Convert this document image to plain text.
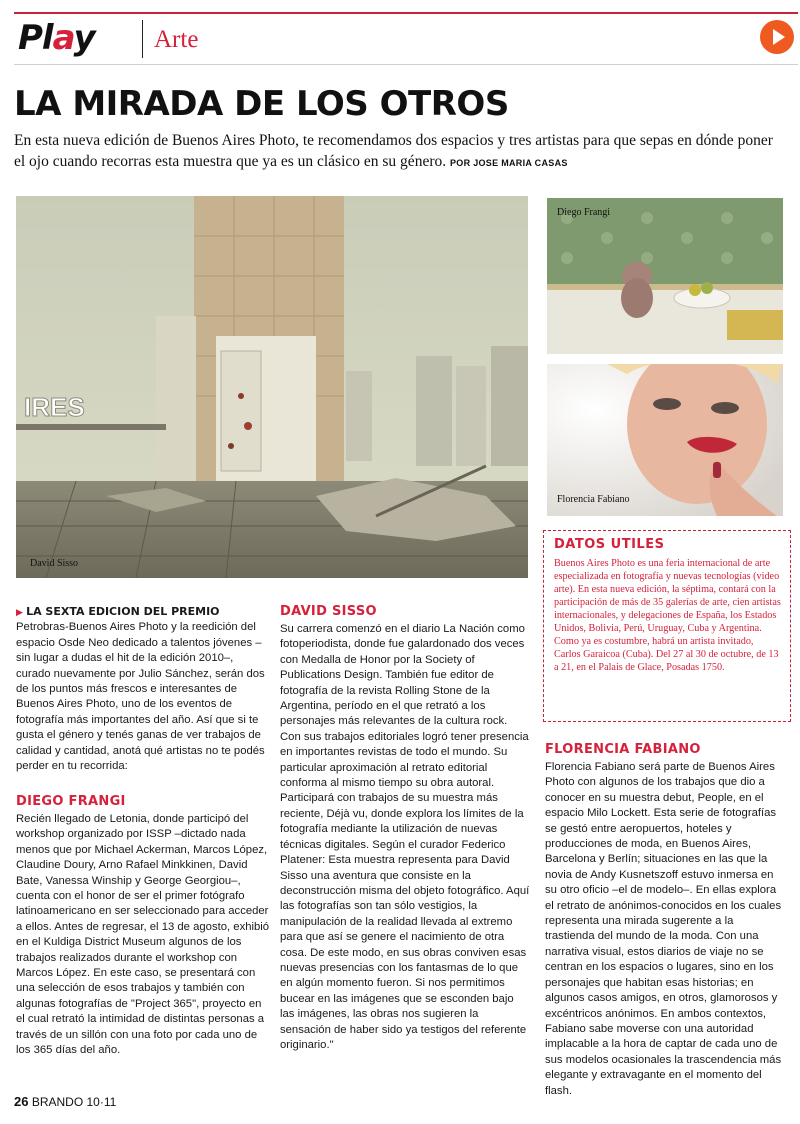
Play Arte
LA MIRADA DE LOS OTROS
En esta nueva edición de Buenos Aires Photo, te recomendamos dos espacios y tres artistas para que sepas en dónde poner el ojo cuando recorras esta muestra que ya es un clásico en su género. POR JOSE MARIA CASAS
IRES
David Sisso
Diego Frangi
Florencia Fabiano
DATOS UTILES
Buenos Aires Photo es una feria internacional de arte especializada en fotografía y nuevas tecnologías (video arte). En esta nueva edición, la séptima, contará con la participación de más de 35 galerías de arte, cien artistas internacionales, y delegaciones de España, los Estados Unidos, Bolivia, Perú, Uruguay, Cuba y Argentina. Como ya es costumbre, habrá un artista invitado, Carlos Garaicoa (Cuba). Del 27 al 30 de octubre, de 13 a 21, en el Palais de Glace, Posadas 1750.
▶ LA SEXTA EDICION DEL PREMIO Petrobras-Buenos Aires Photo y la reedición del espacio Osde Neo dedicado a talentos jóvenes –sin lugar a dudas el hit de la edición 2010–, curado nuevamente por Julio Sánchez, serán dos de los puntos más frescos e interesantes de Buenos Aires Photo, uno de los eventos de fotografía más importantes del año. Así que si te gusta el género y tenés ganas de ver trabajos de calidad y cantidad, anotá qué artistas no te podés perder en tu recorrida:
DIEGO FRANGI
Recién llegado de Letonia, donde participó del workshop organizado por ISSP –dictado nada menos que por Michael Ackerman, Marcos López, Claudine Doury, Arno Rafael Minkkinen, David Bate, Vanessa Winship y George Georgiou–, cuenta con el honor de ser el primer fotógrafo latinoamericano en ser seleccionado para acceder a ellos. Antes de regresar, el 13 de agosto, exhibió en el Kuldiga District Museum algunos de los trabajos realizados durante el workshop con Marcos López. En este caso, se presentará con una selección de esos trabajos y también con algunas fotografías de "Project 365", proyecto en el cual retrató la intimidad de distintas personas a través de un sillón con una foto por cada uno de los 365 días del año.
DAVID SISSO
Su carrera comenzó en el diario La Nación como fotoperiodista, donde fue galardonado dos veces con Medalla de Honor por la Society of Publications Design. También fue editor de fotografía de la revista Rolling Stone de la Argentina, período en el que retrató a los personajes más relevantes de la cultura rock. Con sus trabajos editoriales logró tener presencia en importantes revistas de todo el mundo. Su particular aproximación al retrato editorial conforma al mismo tiempo su obra autoral. Participará con trabajos de su muestra más reciente, Déjà vu, donde explora los límites de la fotografía mediante la utilización de nuevas técnicas digitales. Según el curador Federico Platener: Esta muestra representa para David Sisso una aventura que consiste en la deconstrucción misma del objeto fotográfico. Aquí las fotografías son tan sólo vestigios, la manipulación de la realidad llevada al extremo para que así se genere el nacimiento de otra cosa. De este modo, en sus obras conviven esas nuevas presencias con los fantasmas de lo que en algún momento fueron. Si nos permitimos bucear en las imágenes que se esconden bajo las imágenes, las obras nos sugieren la sensación de haber sido ya testigos del referente originario."
FLORENCIA FABIANO
Florencia Fabiano será parte de Buenos Aires Photo con algunos de los trabajos que dio a conocer en su muestra debut, People, en el espacio Milo Lockett. Esta serie de fotografías se gestó entre aeropuertos, hoteles y producciones de moda, en Buenos Aires, Barcelona y Berlín; situaciones en las que la novia de Andy Kusnetszoff estuvo inmersa en su otro oficio –el de modelo–. En ellas explora el retrato de anónimos-conocidos en los cuales representa una mirada sugerente a la trastienda del mundo de la moda. Con una narrativa visual, estos diarios de viaje no se centran en los espacios o lugares, sino en los personajes que habitan esas historias; en algunos casos amigos, en otros, glamorosos y excéntricos anónimos. En ambos contextos, Fabiano sabe moverse con una autoridad implacable a la hora de captar de cada uno de sus modelos ocasionales la trascendencia más elegante y extravagante en el momento del flash.
26 BRANDO 10·11
